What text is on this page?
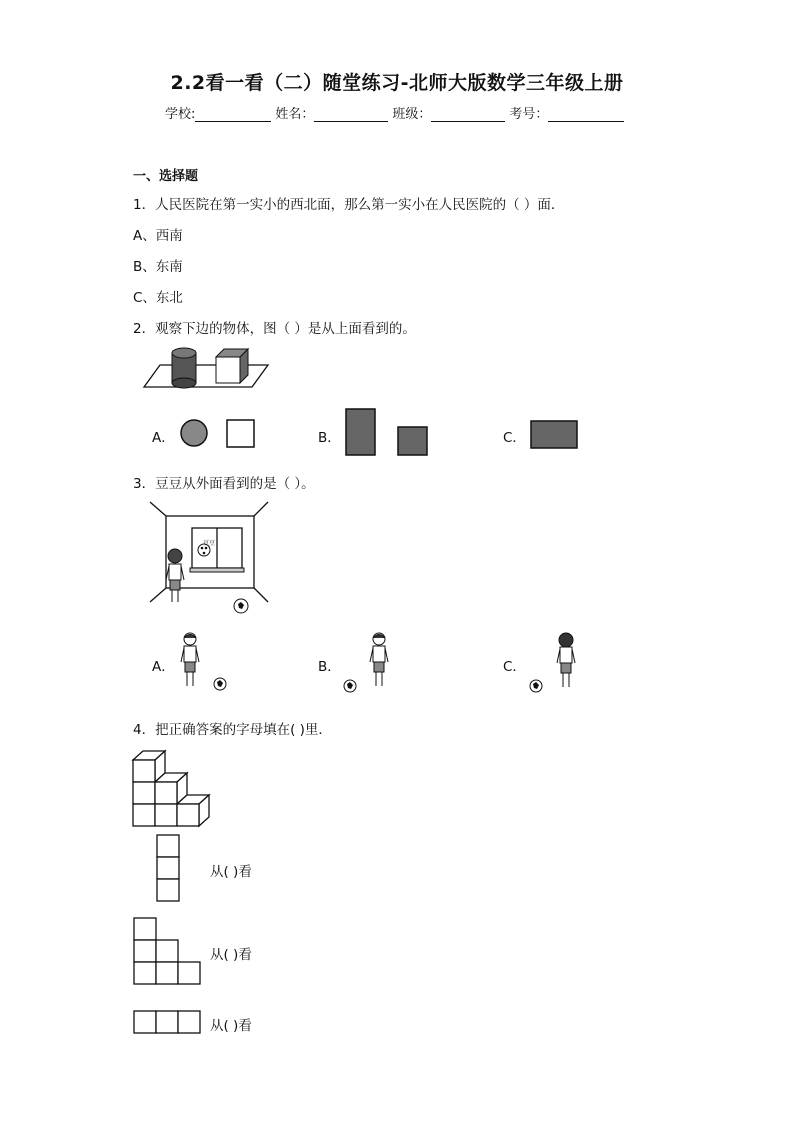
2.2看一看（二）随堂练习-北师大版数学三年级上册
学校:	姓名：	班级：	考号：
一、选择题
1．人民医院在第一实小的西北面，那么第一实小在人民医院的（ ）面．
A、西南
B、东南
C、东北
2．观察下边的物体，图（ ）是从上面看到的。
A．	B．	C．
3．豆豆从外面看到的是（ ）。
豆豆
A．	B．	C．
4．把正确答案的字母填在( )里．
从( )看
从( )看
从( )看
